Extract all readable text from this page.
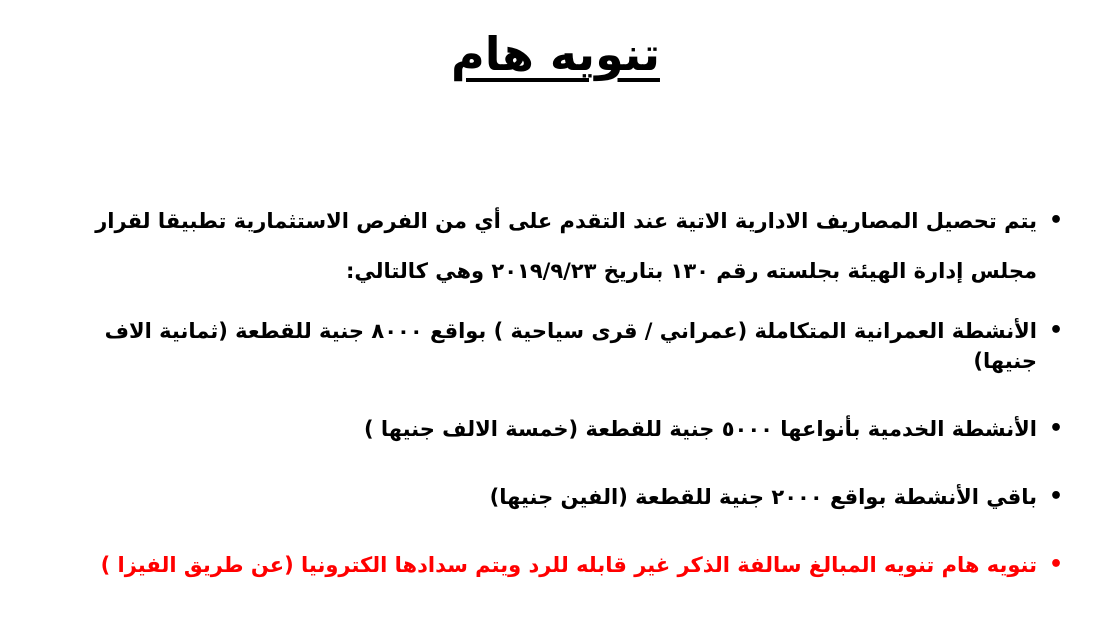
تنويه هام
•
يتم تحصيل المصاريف الادارية الاتية عند التقدم على أي من الفرص الاستثمارية تطبيقا لقرار مجلس إدارة الهيئة بجلسته رقم ١٣٠ بتاريخ ٢٠١٩/٩/٢٣ وهي كالتالي:
•
الأنشطة العمرانية المتكاملة (عمراني / قرى سياحية ) بواقع ٨٠٠٠ جنية للقطعة (ثمانية الاف جنيها)
•
الأنشطة الخدمية بأنواعها ٥٠٠٠ جنية للقطعة (خمسة الالف جنيها )
•
باقي الأنشطة بواقع ٢٠٠٠ جنية للقطعة (الفين جنيها)
•
تنويه هام تنويه المبالغ سالفة الذكر غير قابله للرد ويتم سدادها الكترونيا (عن طريق الفيزا )
